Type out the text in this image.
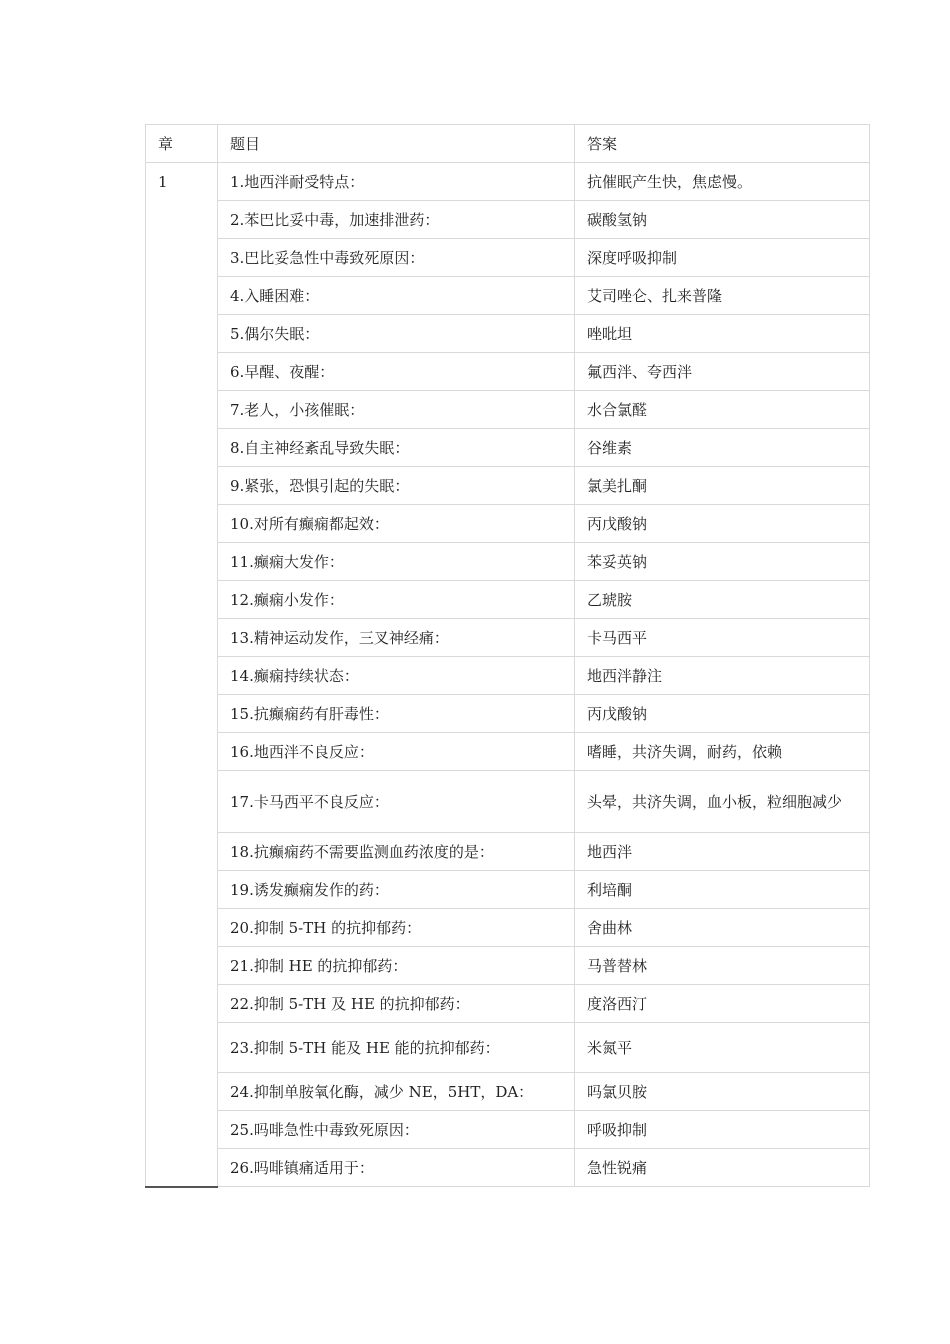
章	题目	答案
1	1.地西泮耐受特点：	抗催眠产生快，焦虑慢。
	2.苯巴比妥中毒，加速排泄药：	碳酸氢钠
	3.巴比妥急性中毒致死原因：	深度呼吸抑制
	4.入睡困难：	艾司唑仑、扎来普隆
	5.偶尔失眠：	唑吡坦
	6.早醒、夜醒：	氟西泮、夸西泮
	7.老人，小孩催眠：	水合氯醛
	8.自主神经紊乱导致失眠：	谷维素
	9.紧张，恐惧引起的失眠：	氯美扎酮
	10.对所有癫痫都起效：	丙戊酸钠
	11.癫痫大发作：	苯妥英钠
	12.癫痫小发作：	乙琥胺
	13.精神运动发作，三叉神经痛：	卡马西平
	14.癫痫持续状态：	地西泮静注
	15.抗癫痫药有肝毒性：	丙戊酸钠
	16.地西泮不良反应：	嗜睡，共济失调，耐药，依赖
	17.卡马西平不良反应：	头晕，共济失调，血小板，粒细胞减少
	18.抗癫痫药不需要监测血药浓度的是：	地西泮
	19.诱发癫痫发作的药：	利培酮
	20.抑制 5-TH 的抗抑郁药：	舍曲林
	21.抑制 HE 的抗抑郁药：	马普替林
	22.抑制 5-TH 及 HE 的抗抑郁药：	度洛西汀
	23.抑制 5-TH 能及 HE 能的抗抑郁药：	米氮平
	24.抑制单胺氧化酶，减少 NE，5HT，DA：	吗氯贝胺
	25.吗啡急性中毒致死原因：	呼吸抑制
	26.吗啡镇痛适用于：	急性锐痛
